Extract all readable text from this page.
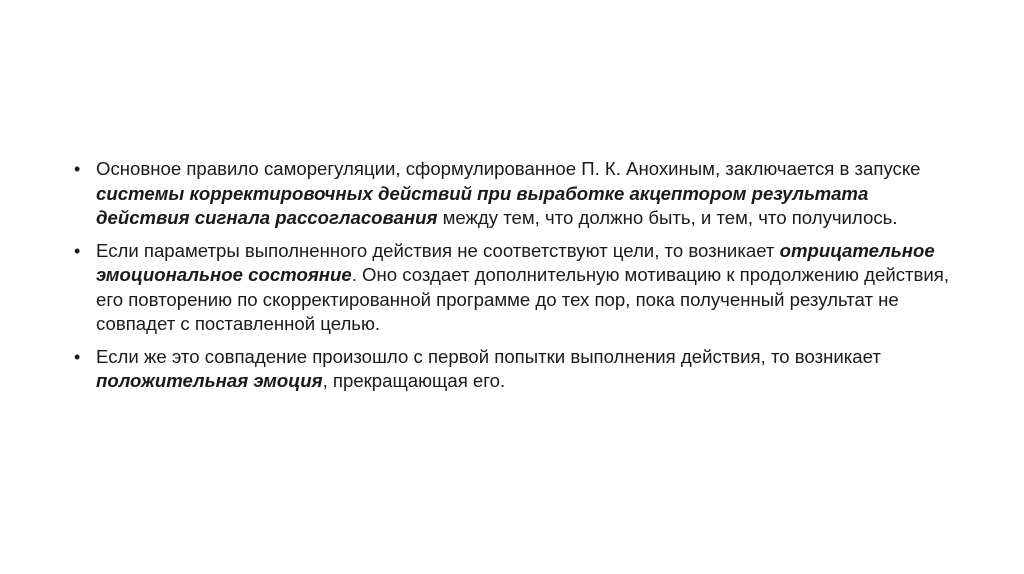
• Основное правило саморегуляции, сформулированное П. К. Анохиным, заключается в запуске системы корректировочных действий при выработке акцептором результата действия сигнала рассогласования между тем, что должно быть, и тем, что получилось.
• Если параметры выполненного действия не соответствуют цели, то возникает отрицательное эмоциональное состояние. Оно создает дополнительную мотивацию к продолжению действия, его повторению по скорректированной программе до тех пор, пока полученный результат не совпадет с поставленной целью.
• Если же это совпадение произошло с первой попытки выполнения действия, то возникает положительная эмоция, прекращающая его.
